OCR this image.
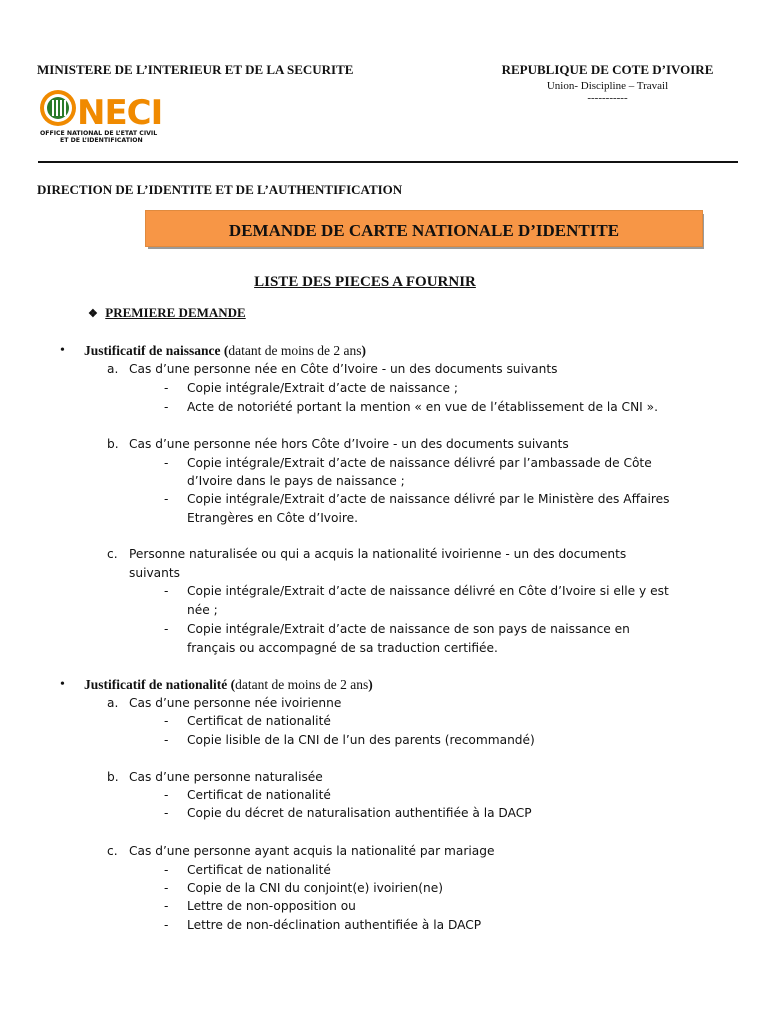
MINISTERE DE L’INTERIEUR ET DE LA SECURITE	REPUBLIQUE DE COTE D’IVOIRE
Union- Discipline – Travail
-----------
NECI
OFFICE NATIONAL DE L’ETAT CIVIL
ET DE L’IDENTIFICATION
DIRECTION DE L’IDENTITE ET DE L’AUTHENTIFICATION
DEMANDE DE CARTE NATIONALE D’IDENTITE
LISTE DES PIECES A FOURNIR
❖ PREMIERE DEMANDE
• Justificatif de naissance (datant de moins de 2 ans)
a. Cas d’une personne née en Côte d’Ivoire - un des documents suivants
- Copie intégrale/Extrait d’acte de naissance ;
- Acte de notoriété portant la mention « en vue de l’établissement de la CNI ».
b. Cas d’une personne née hors Côte d’Ivoire - un des documents suivants
- Copie intégrale/Extrait d’acte de naissance délivré par l’ambassade de Côte
d’Ivoire dans le pays de naissance ;
- Copie intégrale/Extrait d’acte de naissance délivré par le Ministère des Affaires
Etrangères en Côte d’Ivoire.
c. Personne naturalisée ou qui a acquis la nationalité ivoirienne - un des documents
suivants
- Copie intégrale/Extrait d’acte de naissance délivré en Côte d’Ivoire si elle y est
née ;
- Copie intégrale/Extrait d’acte de naissance de son pays de naissance en
français ou accompagné de sa traduction certifiée.
• Justificatif de nationalité (datant de moins de 2 ans)
a. Cas d’une personne née ivoirienne
- Certificat de nationalité
- Copie lisible de la CNI de l’un des parents (recommandé)
b. Cas d’une personne naturalisée
- Certificat de nationalité
- Copie du décret de naturalisation authentifiée à la DACP
c. Cas d’une personne ayant acquis la nationalité par mariage
- Certificat de nationalité
- Copie de la CNI du conjoint(e) ivoirien(ne)
- Lettre de non-opposition ou
- Lettre de non-déclination authentifiée à la DACP
